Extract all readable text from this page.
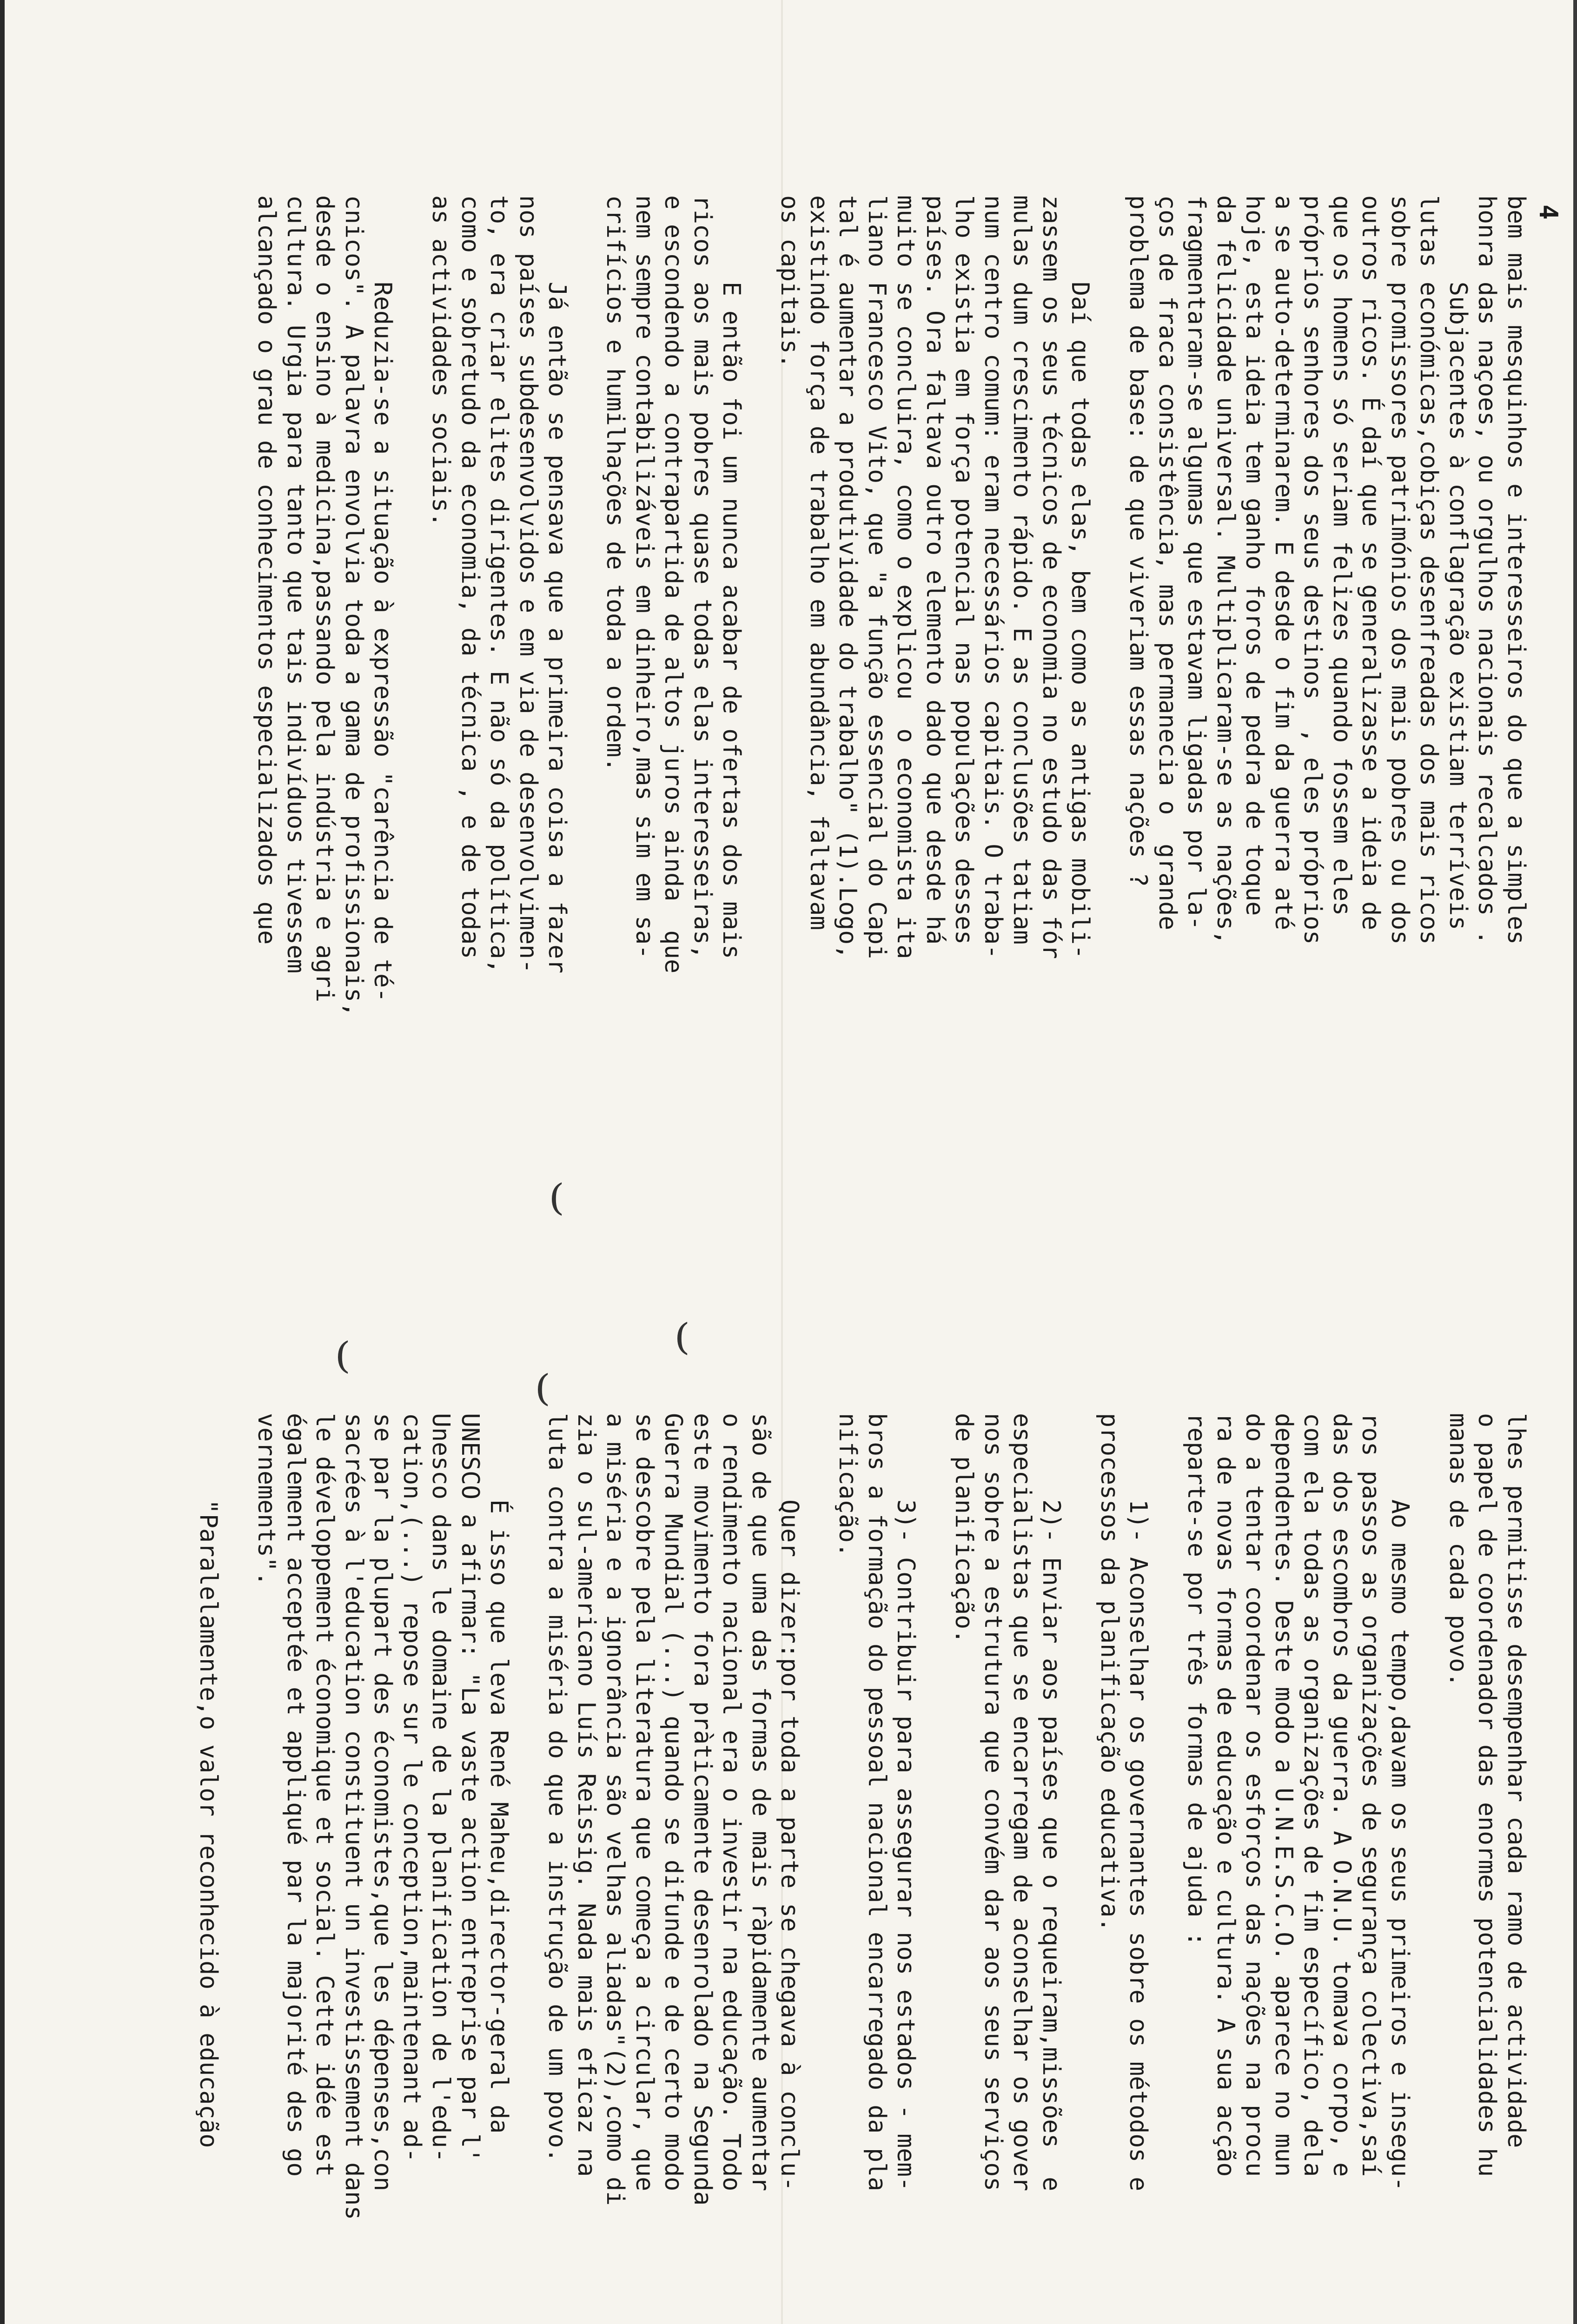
⁽	⁽
⁽
⁽
4
bem mais mesquinhos e interesseiros do que a simples
honra das naçoes, ou orgulhos nacionais recalcados .
Subjacentes à conflagração existiam terríveis
lutas económicas,cobiças desenfreadas dos mais ricos
sobre promissores patrimónios dos mais pobres ou dos
outros ricos. É daí que se generalizasse a ideia de
que os homens só seriam felizes quando fossem eles
próprios senhores dos seus destinos  , eles próprios
a se auto-determinarem. E desde o fim da guerra até
hoje, esta ideia tem ganho foros de pedra de toque
da felicidade universal. Multiplicaram-se as nações,
fragmentaram-se algumas que estavam ligadas por la-
ços de fraca consistência, mas permanecia o  grande
problema de base: de que viveriam essas nações ?

Daí que todas elas, bem como as antigas mobili-
zassem os seus técnicos de economia no estudo das fór
mulas dum crescimento rápido. E as conclusões tatiam
num centro comum: eram necessários capitais. O traba-
lho existia em força potencial nas populações desses
países. Ora faltava outro elemento dado que desde há
muito se concluira, como o explicou  o economista ita
liano Francesco Vito, que "a função essencial do Capi
tal é aumentar a produtividade do trabalho" (1).Logo,
existindo força de trabalho em abundância, faltavam
os capitais.

E então foi um nunca acabar de ofertas dos mais
ricos aos mais pobres quase todas elas interesseiras,
e escondendo a contrapartida de altos juros ainda  que
nem sempre contabilizáveis em dinheiro,mas sim em sa-
crifícios e humilhações de toda a ordem.

Já então se pensava que a primeira coisa a fazer
nos países subdesenvolvidos e em via de desenvolvimen-
to, era criar elites dirigentes. E não só da política,
como e sobretudo da economia, da técnica , e de todas
as actividades sociais.

Reduzia-se a situação à expressão "carência de té-
cnicos". A palavra envolvia toda a gama de profissionais,
desde o ensino à medicina,passando pela indústria e agri
cultura. Urgia para tanto que tais indivíduos tivessem
alcançado o grau de conhecimentos especializados que
lhes permitisse desempenhar cada ramo de actividade
o papel de coordenador das enormes potencialidades hu
manas de cada povo.

Ao mesmo tempo,davam os seus primeiros e insegu-
ros passos as organizações de segurança colectiva,saí
das dos escombros da guerra. A O.N.U. tomava corpo, e
com ela todas as organizações de fim específico, dela
dependentes. Deste modo a U.N.E.S.C.O. aparece no mun
do a tentar coordenar os esforços das nações na procu
ra de novas formas de educação e cultura. A sua acção
reparte-se por três formas de ajuda :

1)- Aconselhar os governantes sobre os métodos e
processos da planificação educativa.

2)- Enviar aos países que o requeiram,missões  e
especialistas que se encarregam de aconselhar os gover
nos sobre a estrutura que convém dar aos seus serviços
de planificação.

3)- Contribuir para assegurar nos estados - mem-
bros a formação do pessoal nacional encarregado da pla
nificação.

Quer dizer:por toda a parte se chegava à conclu-
são de que uma das formas de mais ràpidamente aumentar
o rendimento nacional era o investir na educação. Todo
este movimento fora pràticamente desenrolado na Segunda
Guerra Mundial (...) quando se difunde e de certo modo
se descobre pela literatura que começa a circular, que
a miséria e a ignorância são velhas aliadas"(2),como di
zia o sul-americano Luís Reissig. Nada mais eficaz na
luta contra a miséria do que a instrução de um povo.

É isso que leva René Maheu,director-geral da
UNESCO a afirmar: "La vaste action entreprise par l'
Unesco dans le domaine de la planification de l'edu-
cation,(...) repose sur le conception,maintenant ad-
se par la plupart des économistes,que les dépenses,con
sacrées à l'education constituent un investissement dans
le développement économique et social. Cette idée est
également acceptée et appliqué par la majorité des go
vernements".

"Paralelamente,o valor reconhecido à educação
